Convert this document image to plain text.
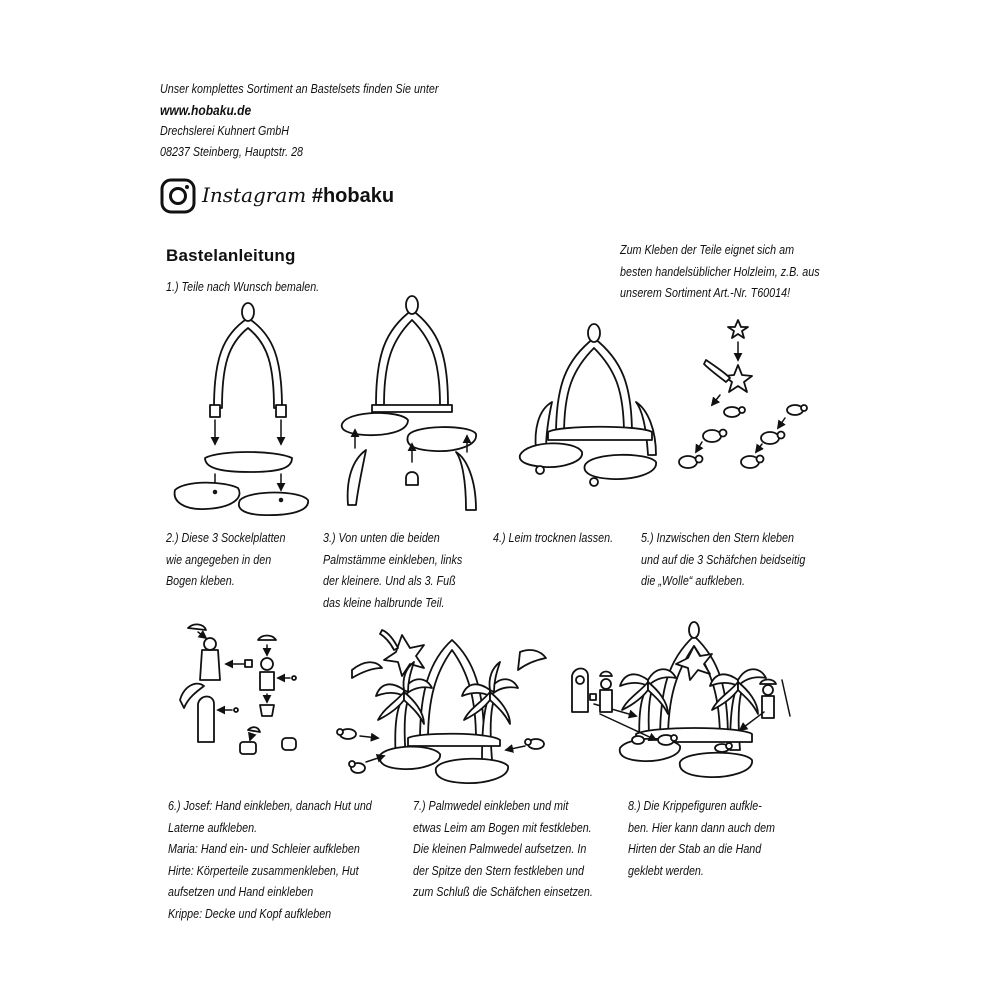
Unser komplettes Sortiment an Bastelsets finden Sie unter
www.hobaku.de
Drechslerei Kuhnert GmbH
08237 Steinberg, Hauptstr. 28
Instagram #hobaku
Bastelanleitung	Zum Kleben der Teile eignet sich am
besten handelsüblicher Holzleim, z.B. aus
unserem Sortiment Art.-Nr. T60014!
1.) Teile nach Wunsch bemalen.
2.) Diese 3 Sockelplatten
wie angegeben in den
Bogen kleben.
3.) Von unten die beiden
Palmstämme einkleben, links
der kleinere. Und als 3. Fuß
das kleine halbrunde Teil.
4.) Leim trocknen lassen. 5.) Inzwischen den Stern kleben
und auf die 3 Schäfchen beidseitig
die „Wolle“ aufkleben.
6.) Josef: Hand einkleben, danach Hut und
Laterne aufkleben.
Maria: Hand ein- und Schleier aufkleben
Hirte: Körperteile zusammenkleben, Hut
aufsetzen und Hand einkleben
Krippe: Decke und Kopf aufkleben
7.) Palmwedel einkleben und mit
etwas Leim am Bogen mit festkleben.
Die kleinen Palmwedel aufsetzen. In
der Spitze den Stern festkleben und
zum Schluß die Schäfchen einsetzen.
8.) Die Krippefiguren aufkle-
ben. Hier kann dann auch dem
Hirten der Stab an die Hand
geklebt werden.
